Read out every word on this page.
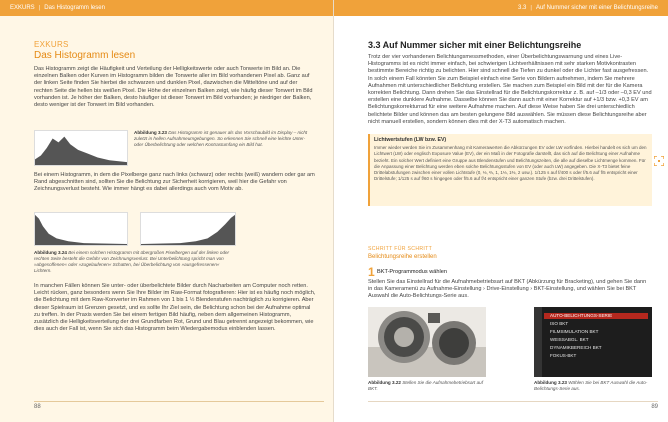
EXKURS | Das Histogramm lesen
EXKURS
Das Histogramm lesen
Das Histogramm zeigt die Häufigkeit und Verteilung der Helligkeitswerte oder auch Tonwerte im Bild an. Die einzelnen Balken oder Kurven im Histogramm bilden die Tonwerte aller im Bild vorhandenen Pixel ab. Ganz auf der linken Seite finden Sie hierbei die schwarzen und dunklen Pixel, dazwischen die Mitteltöne und auf der rechten Seite die hellen bis weißen Pixel. Die Höhe der einzelnen Balken zeigt, wie häufig dieser Tonwert im Bild vorhanden ist. Je höher der Balken, desto häufiger ist dieser Tonwert im Bild vorhanden; je niedriger der Balken, desto weniger ist der Tonwert im Bild vorhanden.
Abbildung 3.23 Das Histogramm ist genauer als das Vorschaubild im Display – nicht zuletzt in hellen Aufnahmeumgebungen. So erkennen Sie schnell eine leichte Unter- oder Überbelichtung oder welchen Kontrastumfang ein Bild hat.
Bei einem Histogramm, in dem die Pixelberge ganz nach links (schwarz) oder rechts (weiß) wandern oder gar am Rand abgeschnitten sind, sollten Sie die Belichtung zur Sicherheit korrigieren, weil hier die Gefahr von Zeichnungsverlust besteht. Wie immer hängt es dabei allerdings auch vom Motiv ab.
Abbildung 3.24 Bei einem solchen Histogramm mit übergroßen Pixelbergen auf der linken oder rechten Seite besteht die Gefahr von Zeichnungsverlust. Bei Unterbelichtung spricht man von »abgesoffenen« oder »zugelaufenen« Schatten, bei Überbelichtung von »ausgefressenen« Lichtern.
In manchen Fällen können Sie unter- oder überbelichtete Bilder durch Nacharbeiten am Computer noch retten. Leicht rücken, ganz besonders wenn Sie Ihre Bilder im Raw-Format fotografieren: Hier ist es häufig noch möglich, die Belichtung mit dem Raw-Konverter im Rahmen von 1 bis 1 ½ Blendenstufen nachträglich zu korrigieren. Aber dieser Spielraum ist Grenzen gesetzt, und es sollte Ihr Ziel sein, die Belichtung schon bei der Aufnahme optimal zu treffen. In der Praxis werden Sie bei einem fertigen Bild häufig, neben dem allgemeinen Histogramm, zusätzlich die Helligkeitsverteilung der drei Grundfarben Rot, Grund und Blau getrennt angezeigt bekommen, wie dies auch der Fall ist, wenn Sie sich das Histogramm beim Wiedergabemodus einblenden lassen.
88
3.3 | Auf Nummer sicher mit einer Belichtungsreihe
3.3 Auf Nummer sicher mit einer Belichtungsreihe
Trotz der vier vorhandenen Belichtungsmessmethoden, einer Überbelichtungswarnung und eines Live-Histogramms ist es nicht immer einfach, bei schwierigen Lichtverhältnissen mit sehr starken Motivkontrasten bestimmte Bereiche richtig zu belichten. Hier sind schnell die Tiefen zu dunkel oder die Lichter fast ausgefressen. In solch einem Fall könnten Sie zum Beispiel einfach eine Serie von Bildern aufnehmen, indem Sie mehrere Aufnahmen mit unterschiedlicher Belichtung erstellen. Sie machen zum Beispiel ein Bild mit der für die Kamera korrekten Belichtung. Dann drehen Sie das Einstellrad für die Belichtungskorrektur z. B. auf –1/3 oder –0,3 EV und erstellen eine dunklere Aufnahme. Dasselbe können Sie dann auch mit einer Korrektur auf +1/3 bzw. +0,3 EV am Belichtungskorrekturrad für eine weitere Aufnahme machen. Auf diese Weise haben Sie drei unterschiedlich belichtete Bilder und können das am besten gelungene Bild auswählen. Sie müssen diese Belichtungsreihe aber nicht manuell erstellen, sondern können dies mit der X-T3 automatisch machen.
Lichtwertstufen (LW bzw. EV)
Immer wieder werden Sie im Zusammenhang mit Kamerawerten die Abkürzungen EV oder LW vorfinden. Hierbei handelt es sich um den Lichtwert (LW) oder englisch Exposure Value (EV), der ein Maß in der Fotografie darstellt, das sich auf die Belichtung einer Aufnahme bezieht. Ein solcher Wert definiert eine Gruppe aus Blendenstufen und Belichtungszeiten, die alle auf dieselbe Lichtmenge kommen. Für die Anpassung einer Belichtung werden eben solche Belichtungsstufen von EV (oder auch LW) angegeben. Die X-T3 bietet feine Drittelabstufungen zwischen einer vollen Lichtstufe (0, ⅓, ⅔, 1, 1⅓, 1⅔, 2 usw.). 1/125 s auf f/400 s oder f/5.6 auf f/5 entspricht einer Drittelstufe; 1/125 s auf f/60 s hingegen oder f/5.6 auf f/4 entspricht einer ganzen Stufe (bzw. drei Drittelstufen).
SCHRITT FÜR SCHRITT
Belichtungsreihe erstellen
1 BKT-Programmodus wählen
Stellen Sie das Einstellrad für die Aufnahmebetriebsart auf BKT (Abkürzung für Bracketing), und gehen Sie dann in das Kameramenü zu Aufnahme-Einstellung › Drive-Einstellung › BKT-Einstellung, und wählen Sie bei BKT Auswahl die Auto-Belichtungs-Serie aus.
AUTO-BELICHTUNGS-SERIE
ISO BKT
FILMSIMULATION BKT
WEISSABGL. BKT
DYNAMIKBEREICH BKT
FOKUS-BKT
Abbildung 3.22 Stellen Sie die Aufnahmebetriebsart auf BKT.
Abbildung 3.23 Wählen Sie bei BKT Auswahl die Auto-Belichtungs-Serie aus.
89
